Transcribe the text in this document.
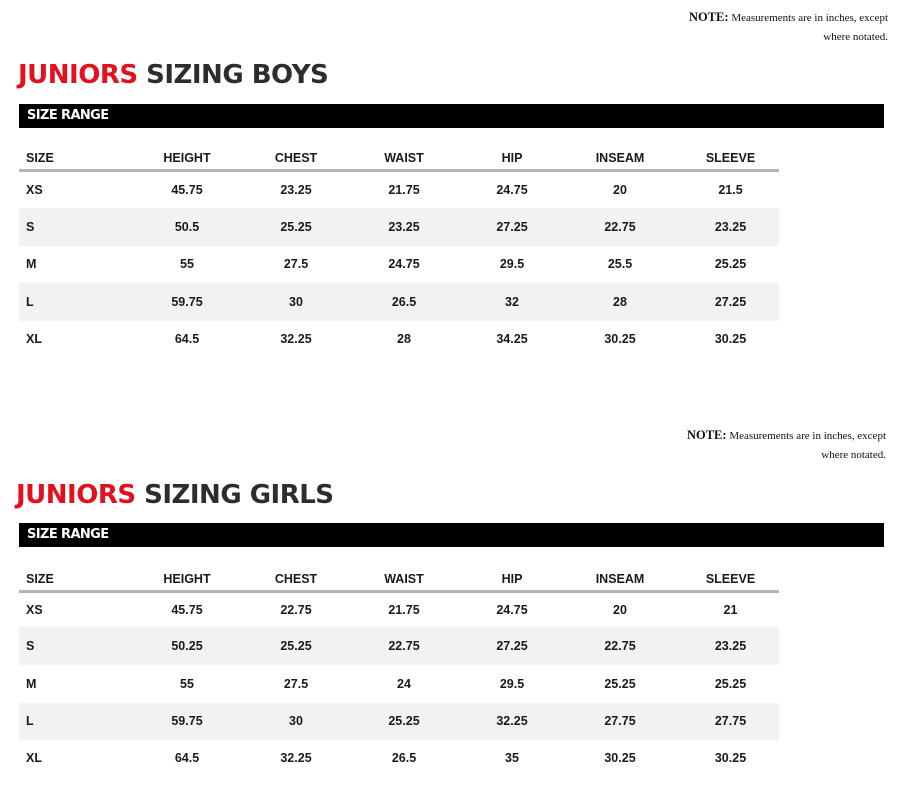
NOTE: Measurements are in inches, except
where notated.
JUNIORS SIZING BOYS
SIZE RANGE
SIZE	HEIGHT	CHEST	WAIST	HIP	INSEAM	SLEEVE
XS	45.75	23.25	21.75	24.75	20	21.5
S	50.5	25.25	23.25	27.25	22.75	23.25
M	55	27.5	24.75	29.5	25.5	25.25
L	59.75	30	26.5	32	28	27.25
XL	64.5	32.25	28	34.25	30.25	30.25
NOTE: Measurements are in inches, except
where notated.
JUNIORS SIZING GIRLS
SIZE RANGE
SIZE	HEIGHT	CHEST	WAIST	HIP	INSEAM	SLEEVE
XS	45.75	22.75	21.75	24.75	20	21
S	50.25	25.25	22.75	27.25	22.75	23.25
M	55	27.5	24	29.5	25.25	25.25
L	59.75	30	25.25	32.25	27.75	27.75
XL	64.5	32.25	26.5	35	30.25	30.25
